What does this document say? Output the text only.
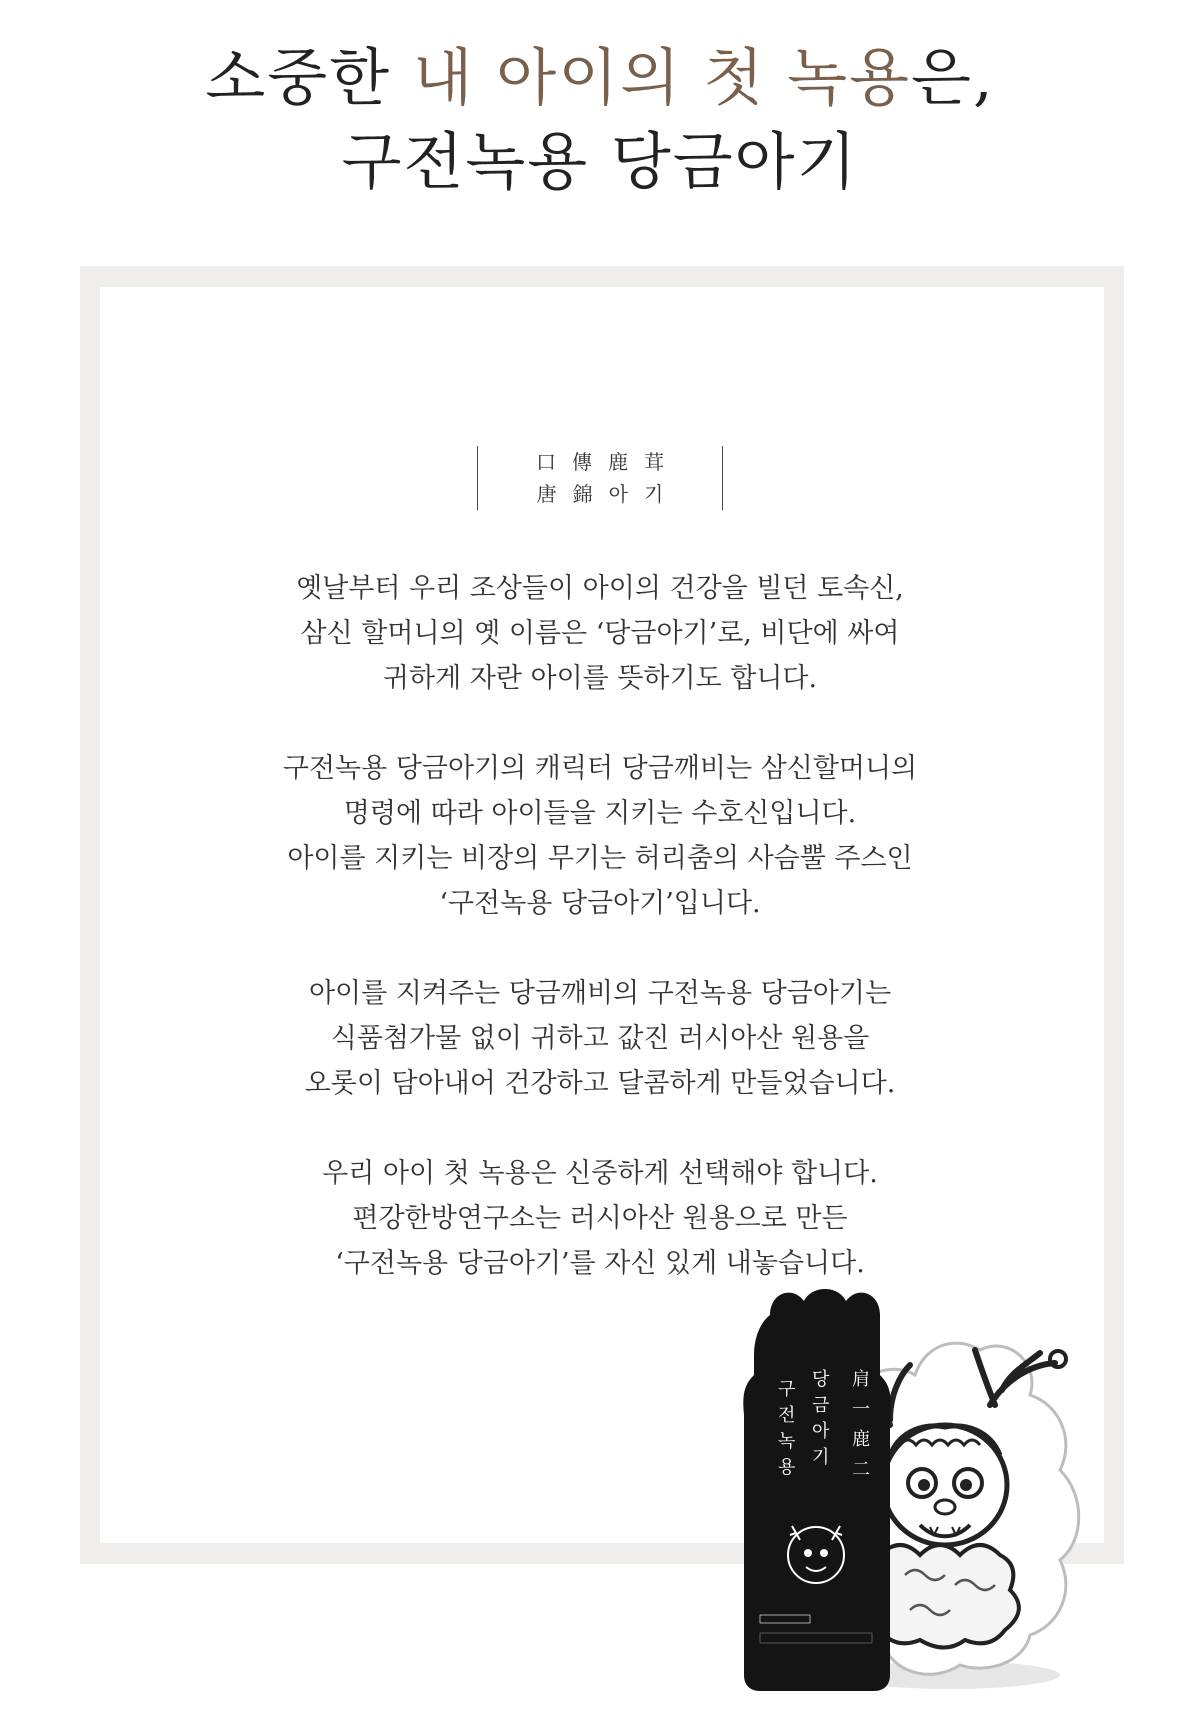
소중한 내 아이의 첫 녹용은,
구전녹용 당금아기
口傳鹿茸
唐錦아기

옛날부터 우리 조상들이 아이의 건강을 빌던 토속신,
삼신 할머니의 옛 이름은 ‘당금아기’로, 비단에 싸여
귀하게 자란 아이를 뜻하기도 합니다.

구전녹용 당금아기의 캐릭터 당금깨비는 삼신할머니의
명령에 따라 아이들을 지키는 수호신입니다.
아이를 지키는 비장의 무기는 허리춤의 사슴뿔 주스인
‘구전녹용 당금아기’입니다.

아이를 지켜주는 당금깨비의 구전녹용 당금아기는
식품첨가물 없이 귀하고 값진 러시아산 원용을
오롯이 담아내어 건강하고 달콤하게 만들었습니다.

우리 아이 첫 녹용은 신중하게 선택해야 합니다.
편강한방연구소는 러시아산 원용으로 만든
‘구전녹용 당금아기’를 자신 있게 내놓습니다.

肩
一
鹿
二
구
전
녹
용
당
금
아
기
